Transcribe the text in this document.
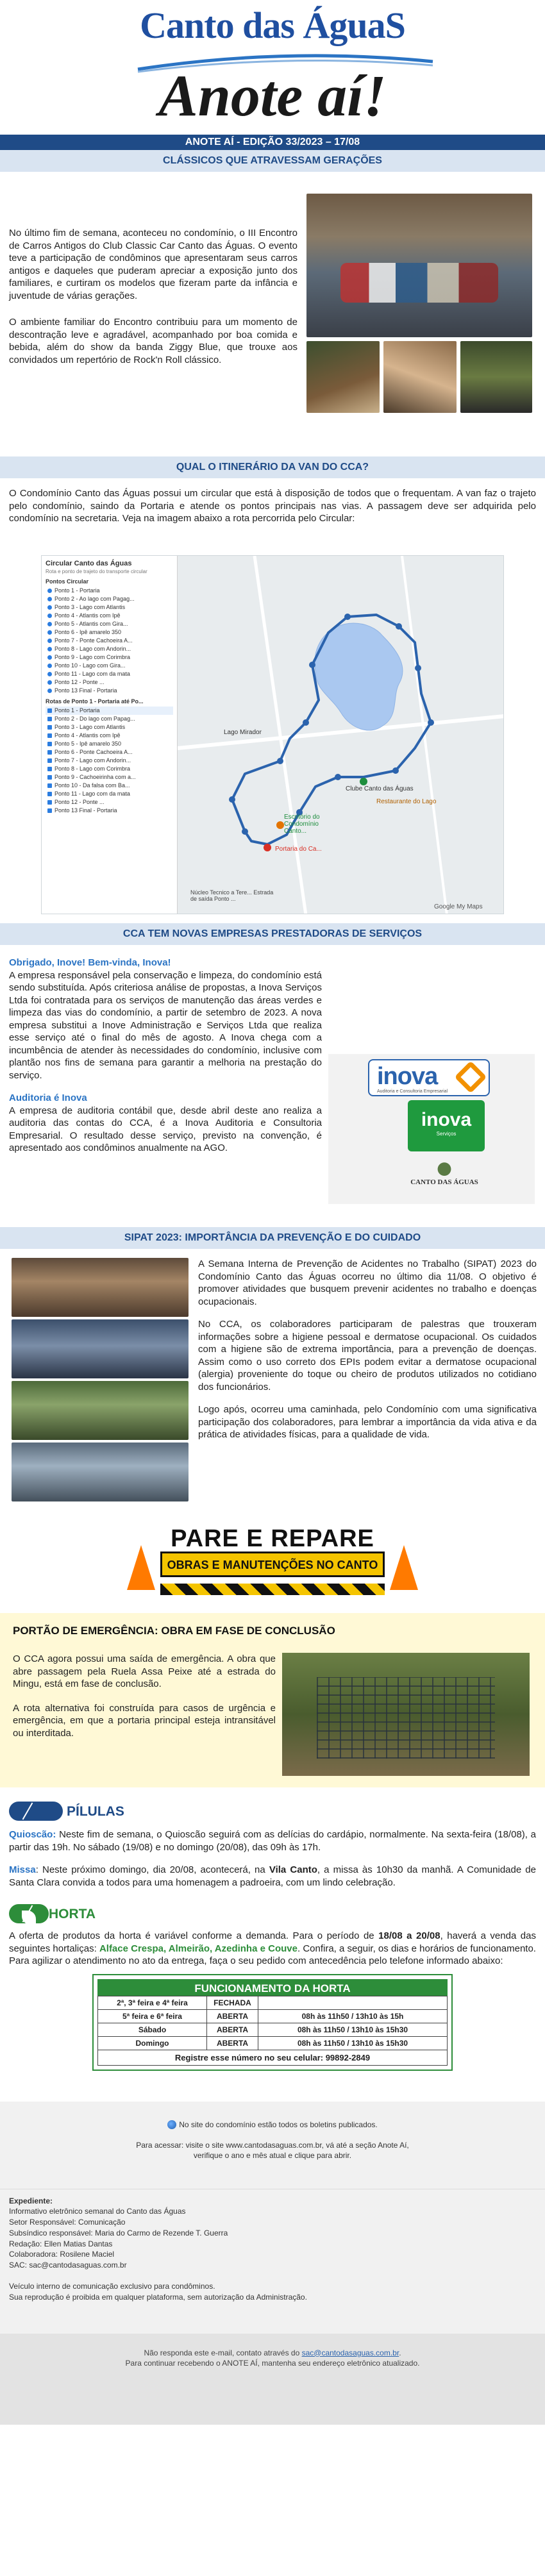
Canto das ÁguaS
Anote aí!
ANOTE AÍ - EDIÇÃO 33/2023 – 17/08
CLÁSSICOS QUE ATRAVESSAM GERAÇÕES

No último fim de semana, aconteceu no condomínio, o III Encontro de Carros Antigos do Club Classic Car Canto das Águas. O evento teve a participação de condôminos que apresentaram seus carros antigos e daqueles que puderam apreciar a exposição junto dos familiares, e curtiram os modelos que fizeram parte da infância e juventude de várias gerações.

O ambiente familiar do Encontro contribuiu para um momento de descontração leve e agradável, acompanhado por boa comida e bebida, além do show da banda Ziggy Blue, que trouxe aos convidados um repertório de Rock'n Roll clássico.

QUAL O ITINERÁRIO DA VAN DO CCA?

O Condomínio Canto das Águas possui um circular que está à disposição de todos que o frequentam. A van faz o trajeto pelo condomínio, saindo da Portaria e atende os pontos principais nas vias. A passagem deve ser adquirida pelo condomínio na secretaria. Veja na imagem abaixo a rota percorrida pelo Circular:

Circular Canto das Águas
Rota e ponto de trajeto do transporte circular
Pontos Circular
Ponto 1 - Portaria
Ponto 2 - Ao lago com Pagag...
Ponto 3 - Lago com Atlantis
Ponto 4 - Atlantis com Ipê
Ponto 5 - Atlantis com Gira...
Ponto 6 - Ipê amarelo 350
Ponto 7 - Ponte Cachoeira A...
Ponto 8 - Lago com Andorin...
Ponto 9 - Lago com Corimbra
Ponto 10 - Lago com Gira...
Ponto 11 - Lago com da mata
Ponto 12 - Ponte ...
Ponto 13 Final - Portaria
Rotas de Ponto 1 - Portaria até Po...
Ponto 1 - Portaria
Ponto 2 - Do lago com Papag...
Ponto 3 - Lago com Atlantis
Ponto 4 - Atlantis com Ipê
Ponto 5 - Ipê amarelo 350
Ponto 6 - Ponte Cachoeira A...
Ponto 7 - Lago com Andorin...
Ponto 8 - Lago com Corimbra
Ponto 9 - Cachoeirinha com a...
Ponto 10 - Da falsa com Ba...
Ponto 11 - Lago com da mata
Ponto 12 - Ponte ...
Ponto 13 Final - Portaria
Lago Mirador
Clube Canto das Águas
Restaurante do Lago
Escritório do Condomínio Canto...
Portaria do Ca...
Núcleo Tecnico a Tere... Estrada de saída Ponto ...
Google My Maps
CCA TEM NOVAS EMPRESAS PRESTADORAS DE SERVIÇOS
Obrigado, Inove! Bem-vinda, Inova!

A empresa responsável pela conservação e limpeza, do condomínio está sendo substituída. Após criteriosa análise de propostas, a Inova Serviços Ltda foi contratada para os serviços de manutenção das áreas verdes e limpeza das vias do condomínio, a partir de setembro de 2023. A nova empresa substitui a Inove Administração e Serviços Ltda que realiza esse serviço até o final do mês de agosto. A Inova chega com a incumbência de atender às necessidades do condomínio, inclusive com plantão nos fins de semana para garantir a melhoria na prestação do serviço.

Auditoria é Inova

A empresa de auditoria contábil que, desde abril deste ano realiza a auditoria das contas do CCA, é a Inova Auditoria e Consultoria Empresarial. O resultado desse serviço, previsto na convenção, é apresentado aos condôminos anualmente na AGO.

inova
Auditoria e Consultoria Empresarial
inova
Serviços
CANTO DAS ÁGUAS
SIPAT 2023: IMPORTÂNCIA DA PREVENÇÃO E DO CUIDADO

A Semana Interna de Prevenção de Acidentes no Trabalho (SIPAT) 2023 do Condomínio Canto das Águas ocorreu no último dia 11/08. O objetivo é promover atividades que busquem prevenir acidentes no trabalho e doenças ocupacionais.

No CCA, os colaboradores participaram de palestras que trouxeram informações sobre a higiene pessoal e dermatose ocupacional. Os cuidados com a higiene são de extrema importância, para a prevenção de doenças. Assim como o uso correto dos EPIs podem evitar a dermatose ocupacional (alergia) proveniente do toque ou cheiro de produtos utilizados no cotidiano dos funcionários.

Logo após, ocorreu uma caminhada, pelo Condomínio com uma significativa participação dos colaboradores, para lembrar a importância da vida ativa e da prática de atividades físicas, para a qualidade de vida.

PARE E REPARE
OBRAS E MANUTENÇÕES NO CANTO
PORTÃO DE EMERGÊNCIA: OBRA EM FASE DE CONCLUSÃO

O CCA agora possui uma saída de emergência. A obra que abre passagem pela Ruela Assa Peixe até a estrada do Mingu, está em fase de conclusão.

A rota alternativa foi construída para casos de urgência e emergência, em que a portaria principal esteja intransitável ou interditada.

PÍLULAS

Quioscão: Neste fim de semana, o Quioscão seguirá com as delícias do cardápio, normalmente. Na sexta-feira (18/08), a partir das 19h. No sábado (19/08) e no domingo (20/08), das 09h às 17h.

Missa: Neste próximo domingo, dia 20/08, acontecerá, na Vila Canto, a missa às 10h30 da manhã. A Comunidade de Santa Clara convida a todos para uma homenagem a padroeira, com um lindo celebração.

HORTA

A oferta de produtos da horta é variável conforme a demanda. Para o período de 18/08 a 20/08, haverá a venda das seguintes hortaliças: Alface Crespa, Almeirão, Azedinha e Couve. Confira, a seguir, os dias e horários de funcionamento. Para agilizar o atendimento no ato da entrega, faça o seu pedido com antecedência pelo telefone informado abaixo:

FUNCIONAMENTO DA HORTA
2ª, 3ª feira e 4ª feira	FECHADA	
5ª feira e 6ª feira	ABERTA	08h às 11h50 / 13h10 às 15h
Sábado	ABERTA	08h às 11h50 / 13h10 às 15h30
Domingo	ABERTA	08h às 11h50 / 13h10 às 15h30
Registre esse número no seu celular: 99892-2849
No site do condomínio estão todos os boletins publicados.
Para acessar: visite o site www.cantodasaguas.com.br, vá até a seção Anote Aí,
verifique o ano e mês atual e clique para abrir.
Expediente:
Informativo eletrônico semanal do Canto das Águas
Setor Responsável: Comunicação
Subsíndico responsável: Maria do Carmo de Rezende T. Guerra
Redação: Ellen Matias Dantas
Colaboradora: Rosilene Maciel
SAC: sac@cantodasaguas.com.br
Veículo interno de comunicação exclusivo para condôminos.
Sua reprodução é proibida em qualquer plataforma, sem autorização da Administração.
Não responda este e-mail, contato através do sac@cantodasaguas.com.br.
Para continuar recebendo o ANOTE AÍ, mantenha seu endereço eletrônico atualizado.
